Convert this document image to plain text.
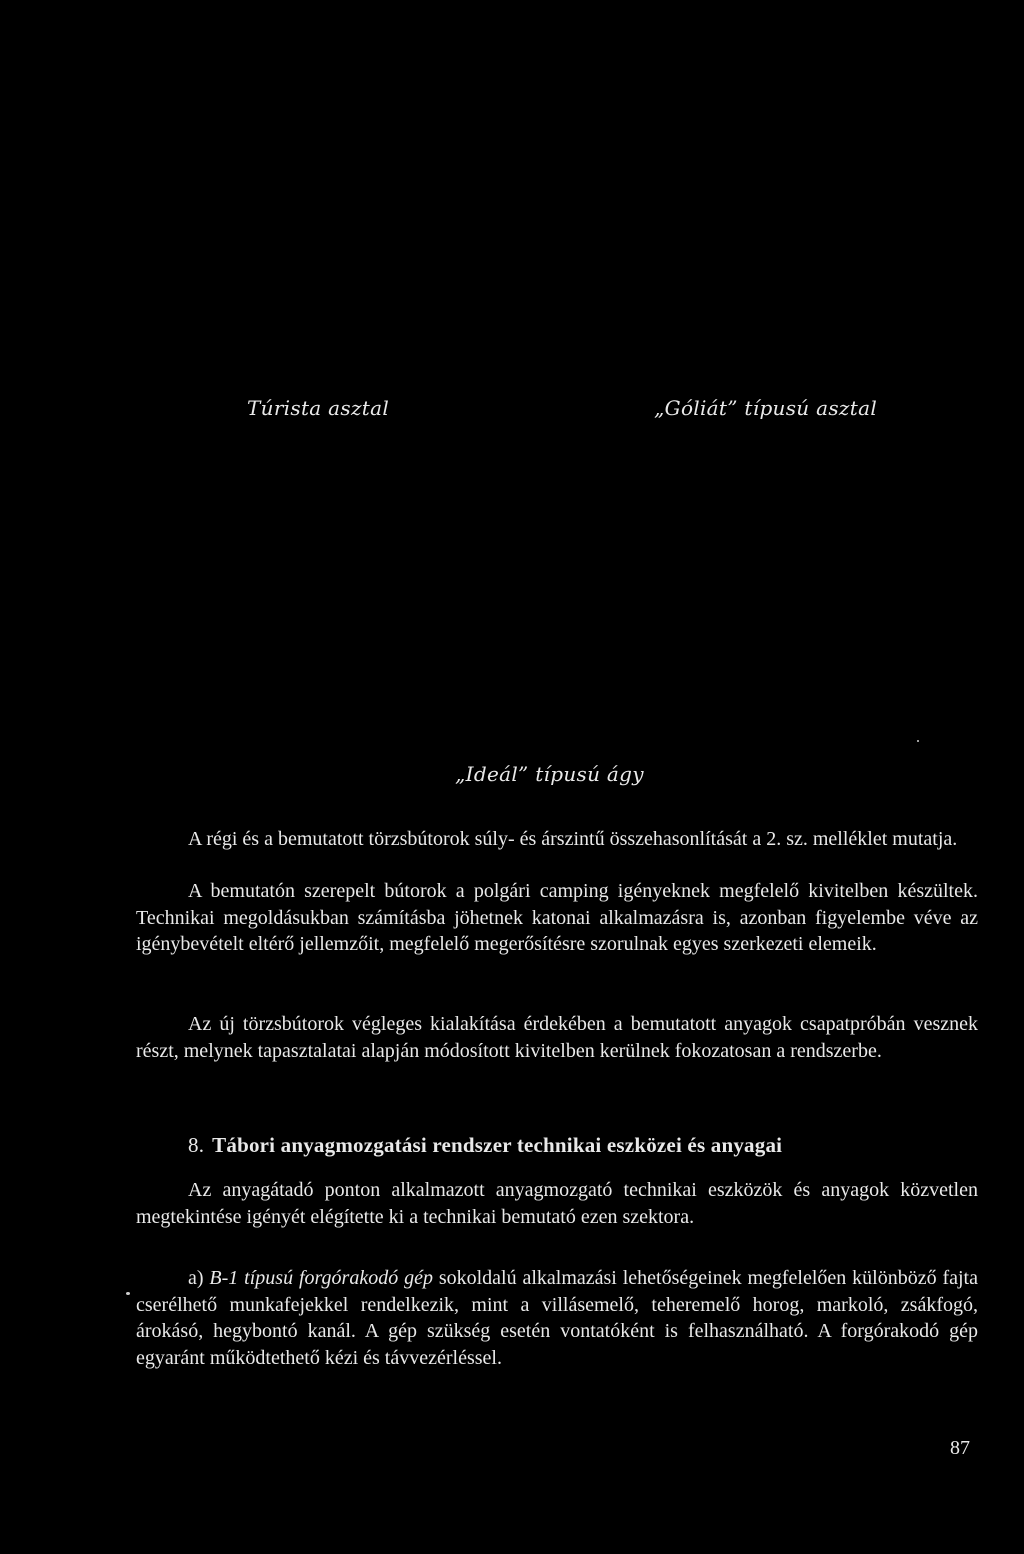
Túrista asztal	„Góliát” típusú asztal
„Ideál” típusú ágy

A régi és a bemutatott törzsbútorok súly- és árszintű összehasonlítását a 2. sz. melléklet mutatja.

A bemutatón szerepelt bútorok a polgári camping igényeknek megfelelő kivitelben készültek. Technikai megoldásukban számításba jöhetnek katonai alkalmazásra is, azonban figyelembe véve az igénybevételt eltérő jellemzőit, megfelelő megerősítésre szorulnak egyes szerkezeti elemeik.

Az új törzsbútorok végleges kialakítása érdekében a bemutatott anyagok csapatpróbán vesznek részt, melynek tapasztalatai alapján módosított kivitelben kerülnek fokozatosan a rendszerbe.

8. Tábori anyagmozgatási rendszer technikai eszközei és anyagai

Az anyagátadó ponton alkalmazott anyagmozgató technikai eszközök és anyagok közvetlen megtekintése igényét elégítette ki a technikai bemutató ezen szektora.

a) B-1 típusú forgórakodó gép sokoldalú alkalmazási lehetőségeinek megfelelően különböző fajta cserélhető munkafejekkel rendelkezik, mint a villásemelő, teheremelő horog, markoló, zsákfogó, árokásó, hegybontó kanál. A gép szükség esetén vontatóként is felhasználható. A forgórakodó gép egyaránt működtethető kézi és távvezérléssel.

87
